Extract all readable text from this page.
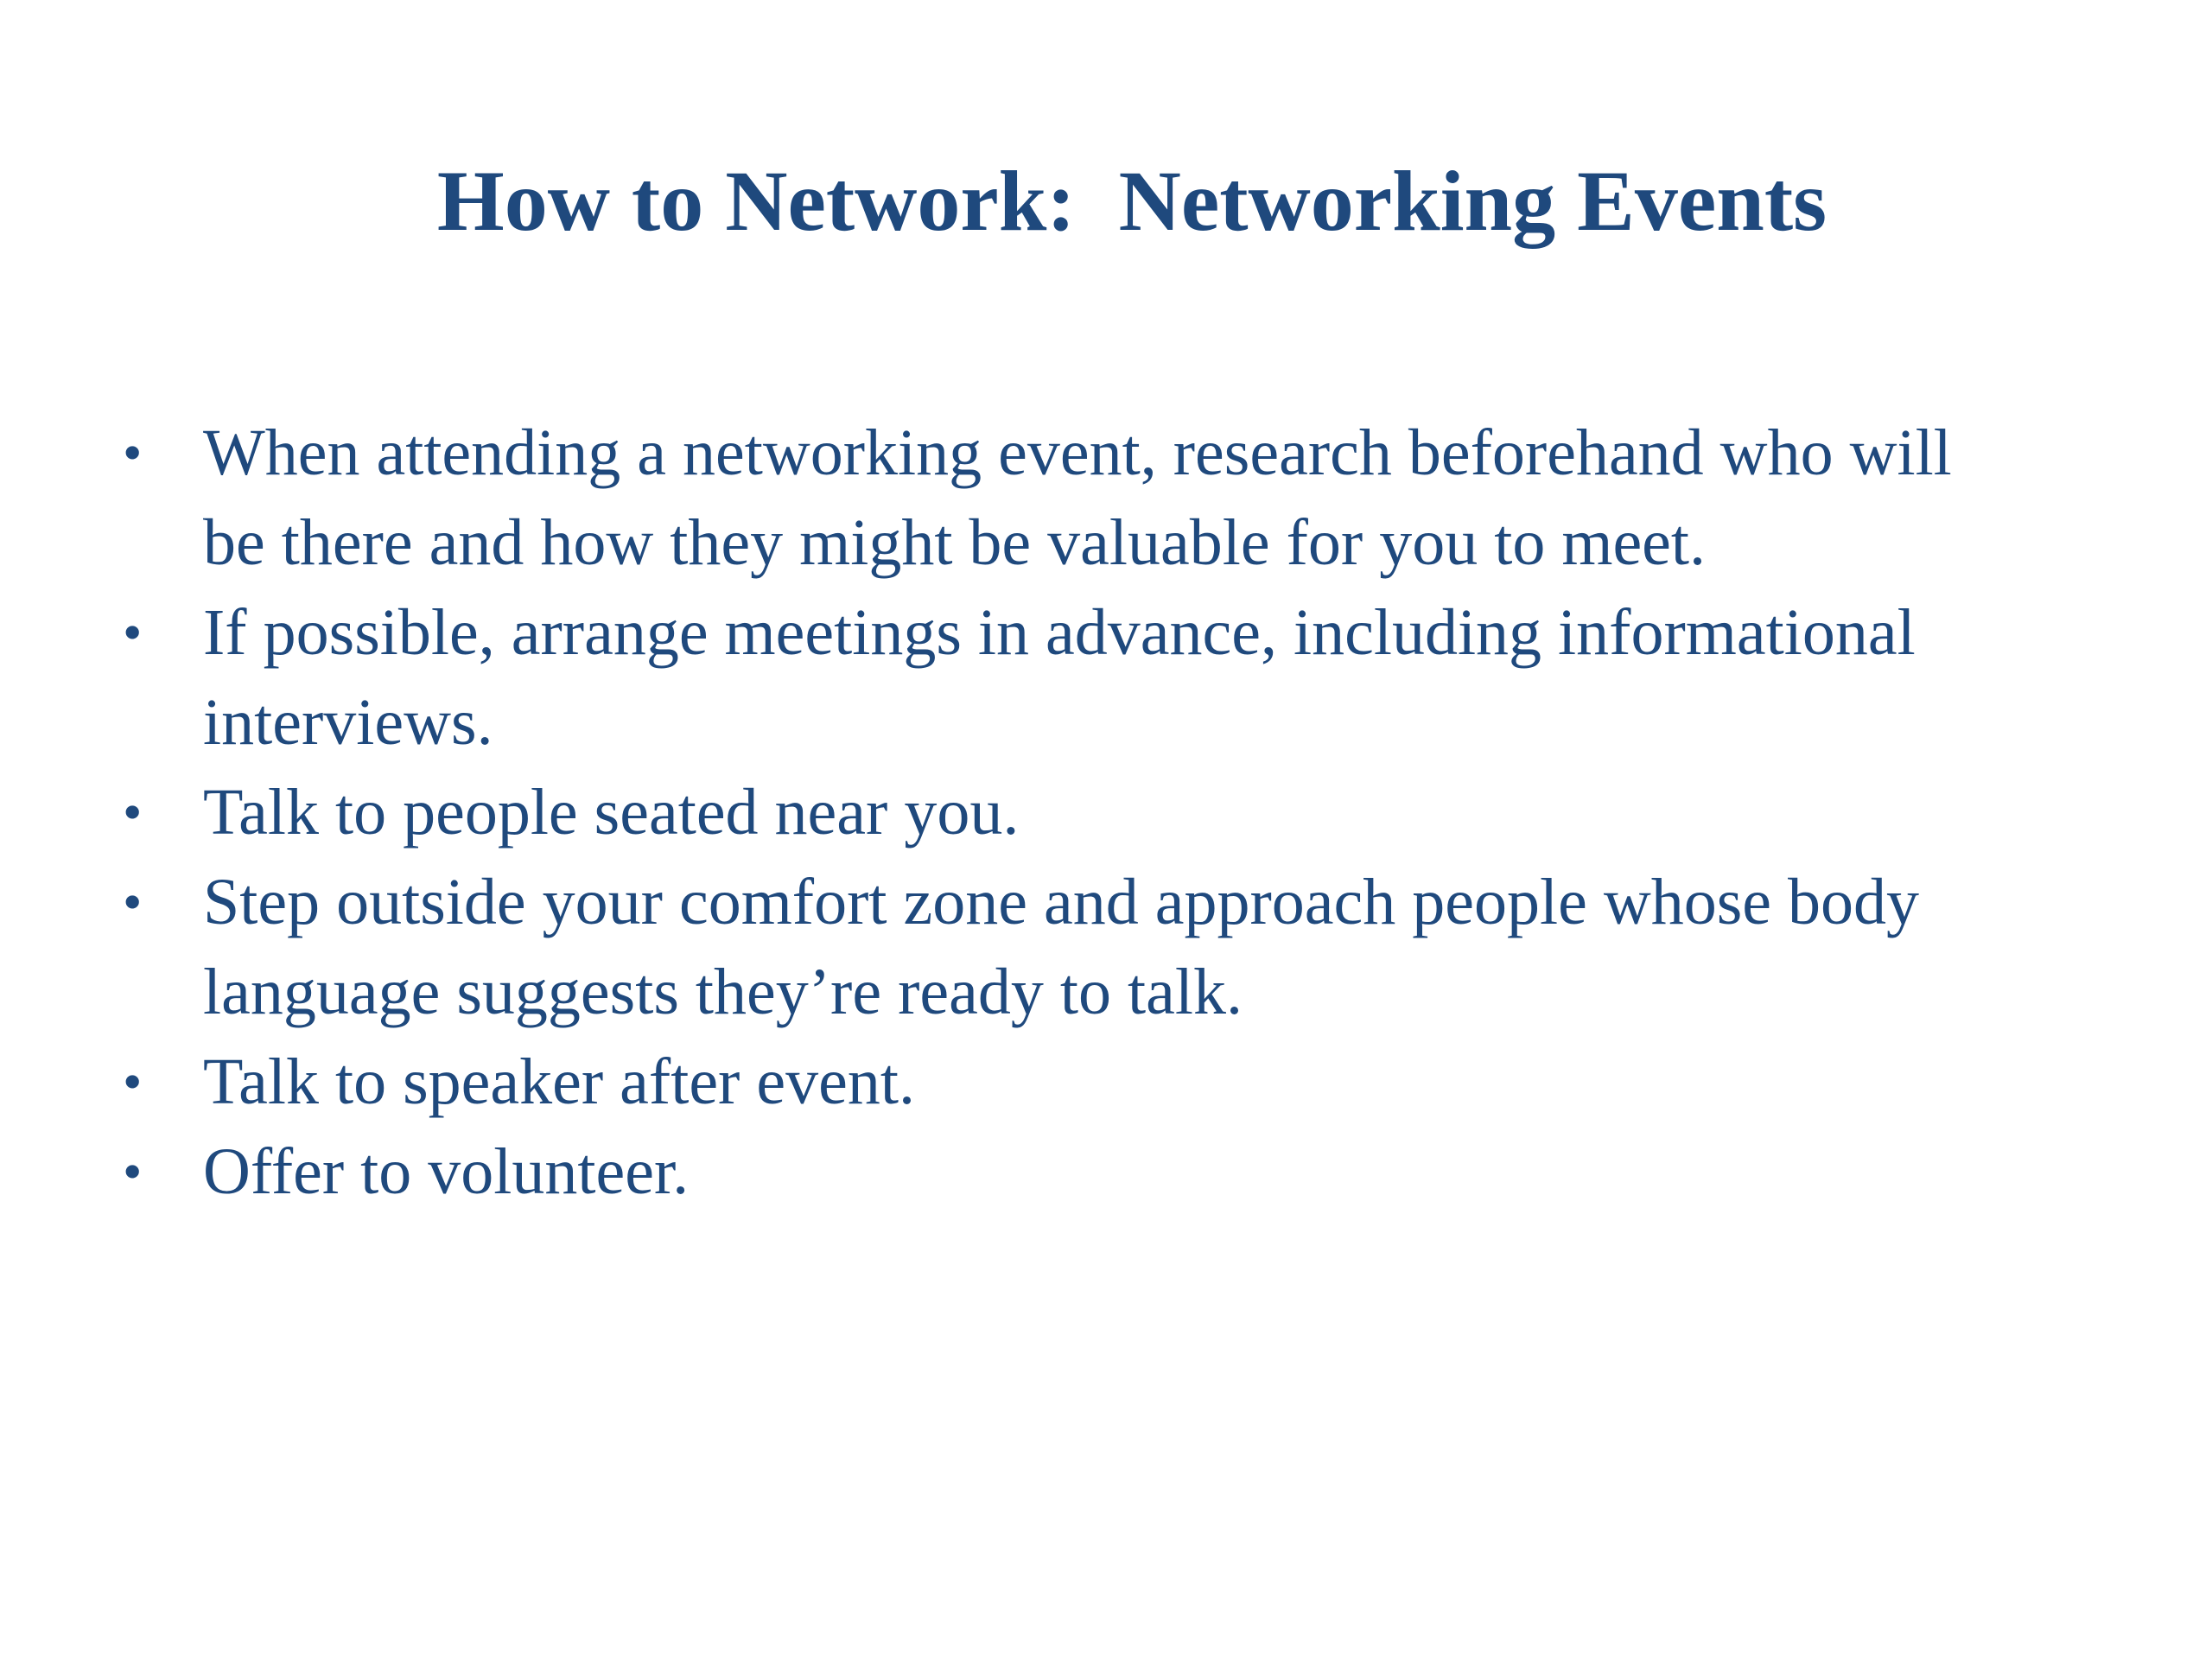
How to Network:  Networking Events
• When attending a networking event, research beforehand who will be there and how they might be valuable for you to meet.
• If possible, arrange meetings in advance, including informational interviews.
• Talk to people seated near you.
• Step outside your comfort zone and approach people whose body language suggests they’re ready to talk.
• Talk to speaker after event.
• Offer to volunteer.
